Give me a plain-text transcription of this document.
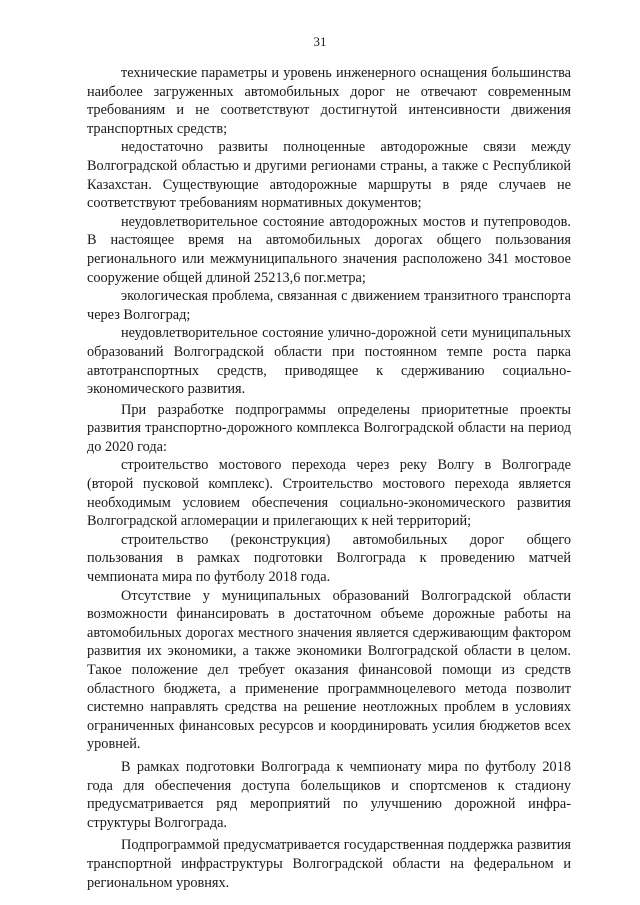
31

технические параметры и уровень инженерного оснащения большинства наиболее загруженных автомобильных дорог не отвечают современным требованиям и не соответствуют достигнутой интенсивности движения транспортных средств;

недостаточно развиты полноценные автодорожные связи между Волгоградской областью и другими регионами страны, а также с Республикой Казахстан. Существующие автодорожные маршруты в ряде случаев не соответствуют требованиям нормативных документов;

неудовлетворительное состояние автодорожных мостов и путепроводов. В настоящее время на автомобильных дорогах общего пользования регионального или межмуниципального значения расположено 341 мостовое сооружение общей длиной 25213,6 пог.метра;

экологическая проблема, связанная с движением транзитного транспорта через Волгоград;

неудовлетворительное состояние улично-дорожной сети муниципальных образований Волгоградской области при постоянном темпе роста парка автотранспортных средств, приводящее к сдерживанию социальноэкономического развития.

При разработке подпрограммы определены приоритетные проекты развития транспортно-дорожного комплекса Волгоградской области на период до 2020 года:

строительство мостового перехода через реку Волгу в Волгограде (второй пусковой комплекс). Строительство мостового перехода является необходимым условием обеспечения социально-экономического развития Волгоградской агломерации и прилегающих к ней территорий;

строительство (реконструкция) автомобильных дорог общего пользования в рамках подготовки Волгограда к проведению матчей чемпионата мира по футболу 2018 года.

Отсутствие у муниципальных образований Волгоградской области возможности финансировать в достаточном объеме дорожные работы на автомобильных дорогах местного значения является сдерживающим фактором развития их экономики, а также экономики Волгоградской области в целом. Такое положение дел требует оказания финансовой помощи из средств областного бюджета, а применение программноцелевого метода позволит системно направлять средства на решение неотложных проблем в условиях ограниченных финансовых ресурсов и координировать усилия бюджетов всех уровней.

В рамках подготовки Волгограда к чемпионату мира по футболу 2018 года для обеспечения доступа болельщиков и спортсменов к стадиону предусматривается ряд мероприятий по улучшению дорожной инфраструктуры Волгограда.

Подпрограммой предусматривается государственная поддержка развития транспортной инфраструктуры Волгоградской области на федеральном и региональном уровнях.
